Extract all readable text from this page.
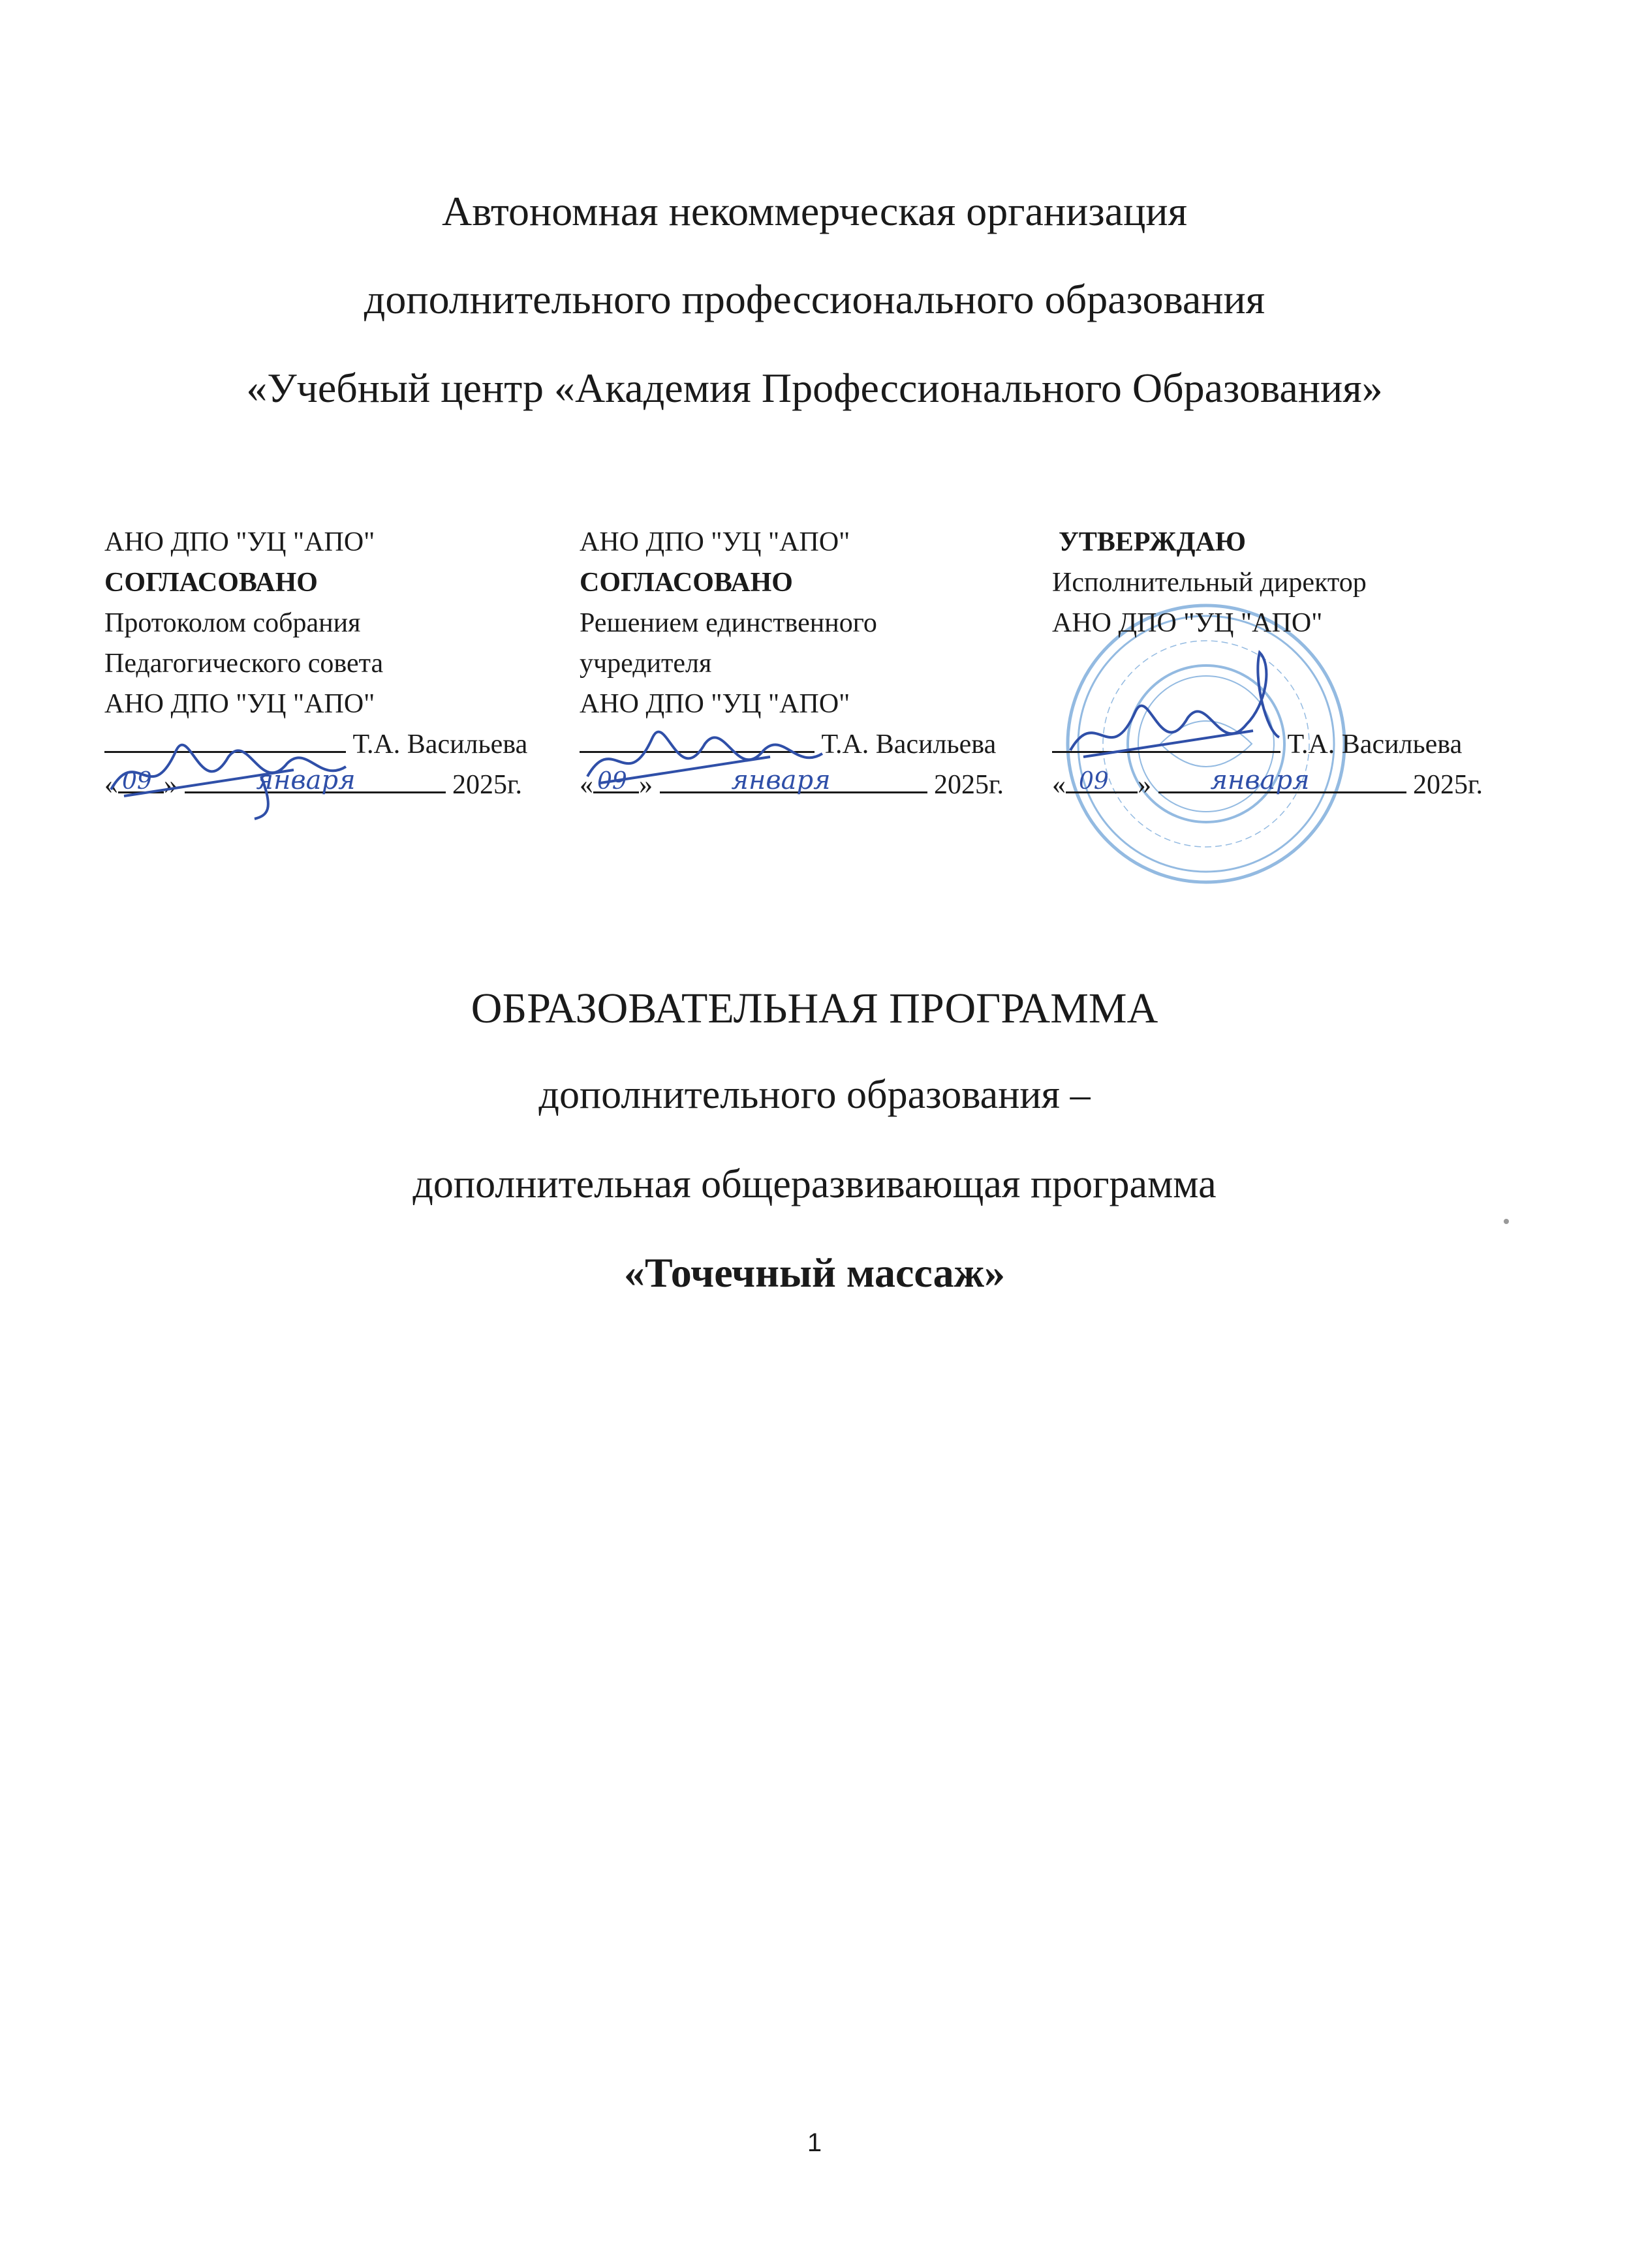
Автономная некоммерческая организация

дополнительного профессионального образования

«Учебный центр «Академия Профессионального Образования»

АНО ДПО "УЦ "АПО"
СОГЛАСОВАНО
Протоколом собрания
Педагогического совета
АНО ДПО "УЦ "АПО"
Т.А. Васильева
« 09 »	января	2025г.
АНО ДПО "УЦ "АПО"
СОГЛАСОВАНО
Решением единственного
учредителя
АНО ДПО "УЦ "АПО"
Т.А. Васильева
« 09 »	января	2025г.
УТВЕРЖДАЮ
Исполнительный директор
АНО ДПО "УЦ "АПО"
Т.А. Васильева
« 09 » января	2025г.
ОБРАЗОВАТЕЛЬНАЯ ПРОГРАММА
дополнительного образования –
дополнительная общеразвивающая программа
«Точечный массаж»
1
